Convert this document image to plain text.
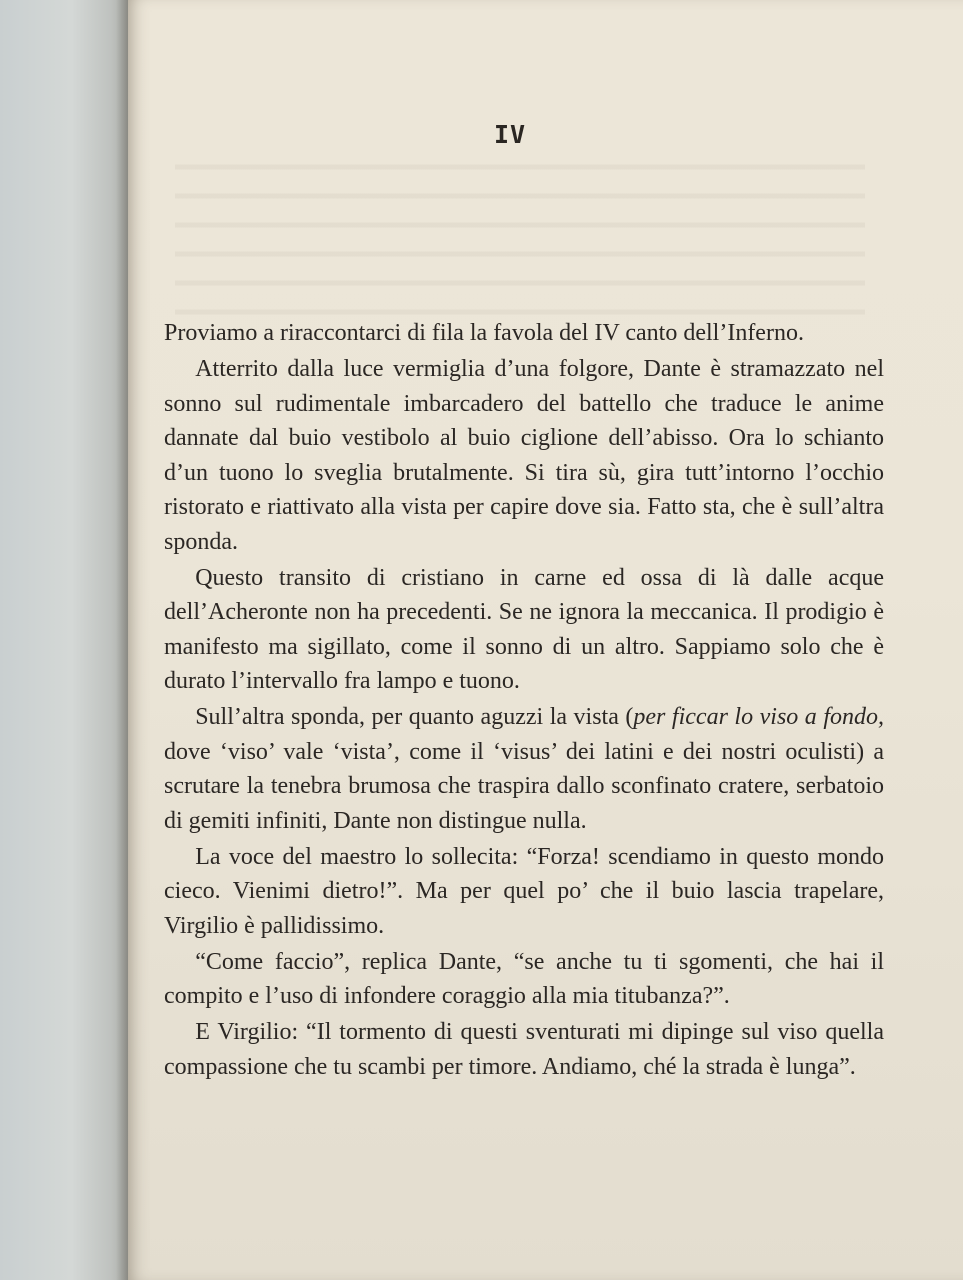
IV

Proviamo a riraccontarci di fila la favola del IV canto dell’Inferno.

Atterrito dalla luce vermiglia d’una folgore, Dante è stramazzato nel sonno sul rudimentale imbarcadero del battello che traduce le anime dannate dal buio vestibolo al buio ciglione dell’abisso. Ora lo schianto d’un tuono lo sveglia brutalmente. Si tira sù, gira tutt’intorno l’occhio ristorato e riattivato alla vista per capire dove sia. Fatto sta, che è sull’altra sponda.

Questo transito di cristiano in carne ed ossa di là dalle acque dell’Acheronte non ha precedenti. Se ne ignora la meccanica. Il prodigio è manifesto ma sigillato, come il sonno di un altro. Sappiamo solo che è durato l’intervallo fra lampo e tuono.

Sull’altra sponda, per quanto aguzzi la vista (per ficcar lo viso a fondo, dove ‘viso’ vale ‘vista’, come il ‘visus’ dei latini e dei nostri oculisti) a scrutare la tenebra brumosa che traspira dallo sconfinato cratere, serbatoio di gemiti infiniti, Dante non distingue nulla.

La voce del maestro lo sollecita: “Forza! scendiamo in questo mondo cieco. Vienimi dietro!”. Ma per quel po’ che il buio lascia trapelare, Virgilio è pallidissimo.

“Come faccio”, replica Dante, “se anche tu ti sgomenti, che hai il compito e l’uso di infondere coraggio alla mia titubanza?”.

E Virgilio: “Il tormento di questi sventurati mi dipinge sul viso quella compassione che tu scambi per timore. Andiamo, ché la strada è lunga”.
